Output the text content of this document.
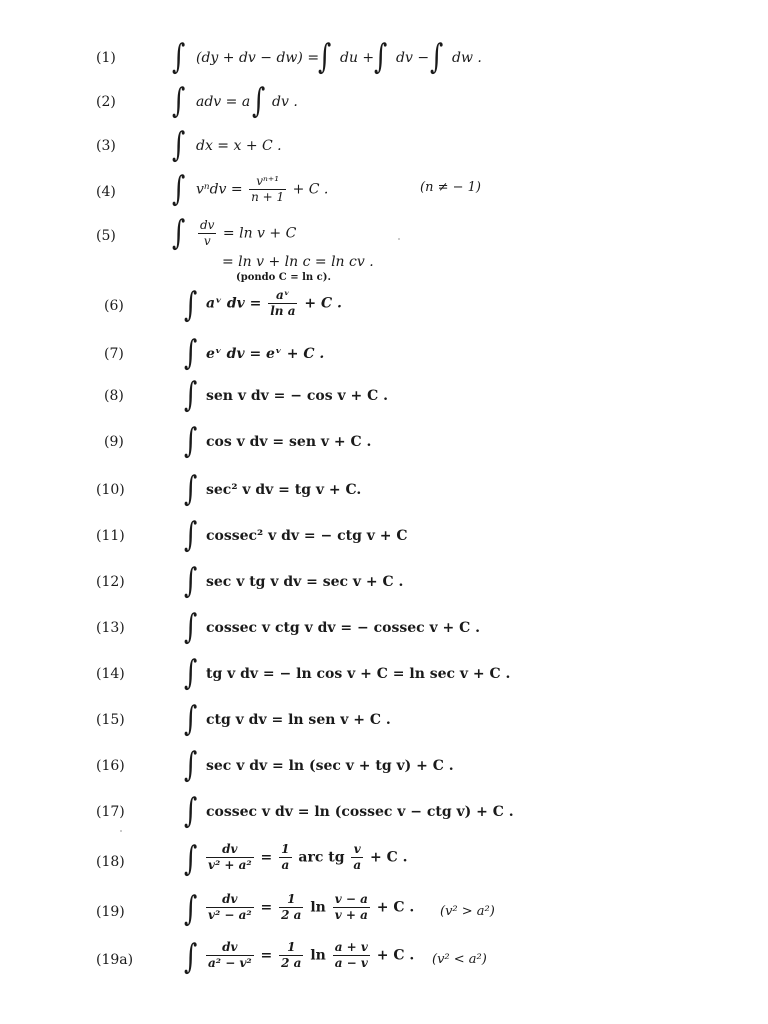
(1) ∫ (dy + dv − dw) =
∫ du + ∫ dv − ∫ dw .
(2) ∫ adv = a ∫ dv .
(3) ∫ dx = x + C .
(4) ∫ $v^ndv = \frac{\text{vⁿ⁺¹}}{n + 1} + C$ .	(n ≠ − 1)
(5) ∫ $\frac{dv}{v} = \ln v + C$
= ln v + ln c = ln cv .
(pondo C = ln c).
(6) ∫ aᵛ dv = $\frac{\text{aᵛ}}{\text{ln a}} + C$ .
(7) ∫ eᵛ dv = eᵛ + C .
(8) ∫ sen v dv = − cos v + C .
(9) ∫ cos v dv = sen v + C .
(10) ∫ sec² v dv = tg v + C.
(11) ∫ cossec² v dv = − ctg v + C
(12) ∫ sec v tg v dv = sec v + C .
(13) ∫ cossec v ctg v dv = − cossec v + C .
(14) ∫ tg v dv = − ln cos v + C = ln sec v + C .
(15) ∫ ctg v dv = ln sen v + C .
(16) ∫ sec v dv = ln (sec v + tg v) + C .
(17) ∫ cossec v dv = ln (cossec v − ctg v) + C .
(18) ∫ $\frac{dv}{\text{v² + a²}} = \frac{1}{a}$ arc tg $\frac{v}{a} + C$ .
(19) ∫ $\frac{dv}{\text{v² − a²}} = \frac{1}{2 a}$ $\ln \frac{v - a}{v + a} + C$ . (v² > a²)
(19a) ∫ $\frac{dv}{\text{a² − v²}} = \frac{1}{2 a}$ $\ln \frac{a + v}{a - v} + C$ . (v² < a²)
